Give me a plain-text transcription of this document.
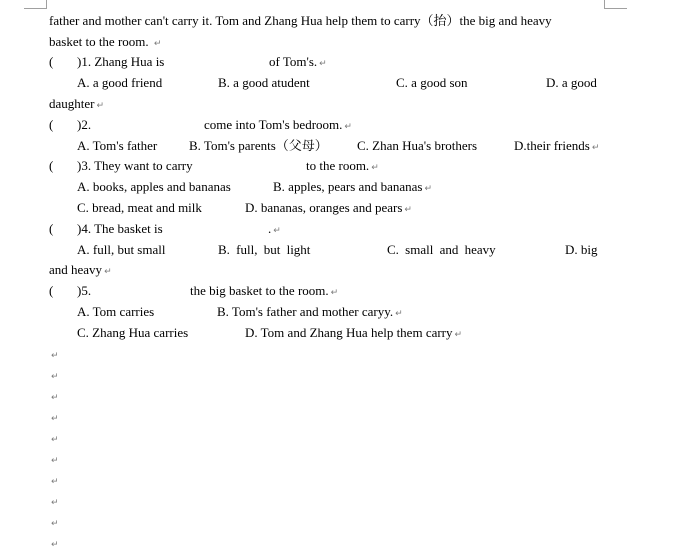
father and mother can't carry it. Tom and Zhang Hua help them to carry（抬）the big and heavy
basket to the room. ↵
( )1. Zhang Hua is	of Tom's. ↵
A. a good friend	B. a good atudent	C. a good son	D. a good
daughter ↵
( )2.	come into Tom's bedroom. ↵
A. Tom's father B. Tom's parents（父母） C. Zhan Hua's brothers	D.their friends ↵
( )3. They want to carry	to the room. ↵
A. books, apples and bananas	B. apples, pears and bananas ↵
C. bread, meat and milk	D. bananas, oranges and pears ↵
( )4. The basket is	. ↵
A. full, but small	B. full, but light	C. small and heavy	D. big
and heavy ↵
( )5.	the big basket to the room. ↵
A. Tom carries	B. Tom's father and mother caryy. ↵
C. Zhang Hua carries	D. Tom and Zhang Hua help them carry ↵
↵
↵
↵
↵
↵
↵
↵
↵
↵
↵
